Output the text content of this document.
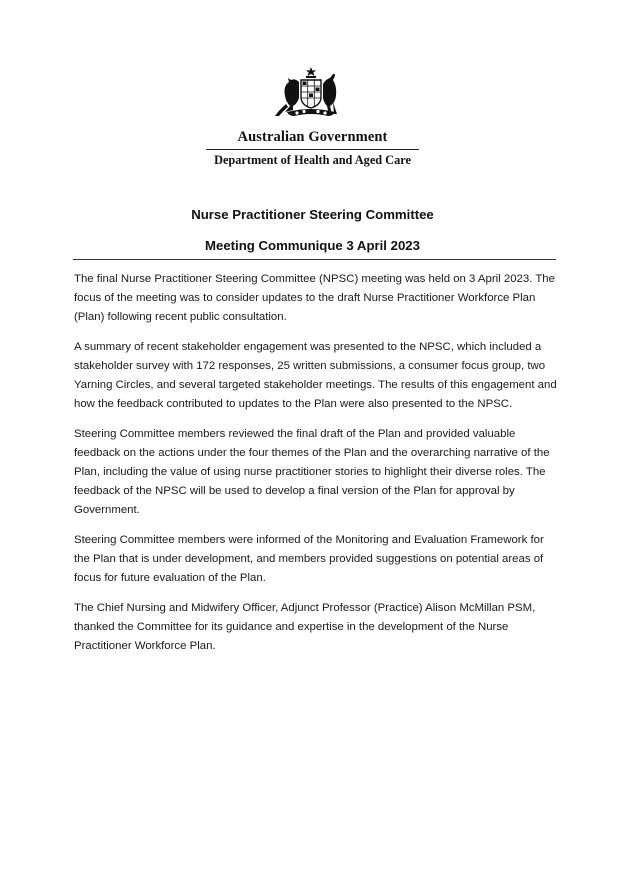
Australian Government
Department of Health and Aged Care
Nurse Practitioner Steering Committee
Meeting Communique 3 April 2023

The final Nurse Practitioner Steering Committee (NPSC) meeting was held on 3 April 2023. The focus of the meeting was to consider updates to the draft Nurse Practitioner Workforce Plan (Plan) following recent public consultation.

A summary of recent stakeholder engagement was presented to the NPSC, which included a stakeholder survey with 172 responses, 25 written submissions, a consumer focus group, two Yarning Circles, and several targeted stakeholder meetings. The results of this engagement and how the feedback contributed to updates to the Plan were also presented to the NPSC.

Steering Committee members reviewed the final draft of the Plan and provided valuable feedback on the actions under the four themes of the Plan and the overarching narrative of the Plan, including the value of using nurse practitioner stories to highlight their diverse roles. The feedback of the NPSC will be used to develop a final version of the Plan for approval by Government.

Steering Committee members were informed of the Monitoring and Evaluation Framework for the Plan that is under development, and members provided suggestions on potential areas of focus for future evaluation of the Plan.

The Chief Nursing and Midwifery Officer, Adjunct Professor (Practice) Alison McMillan PSM, thanked the Committee for its guidance and expertise in the development of the Nurse Practitioner Workforce Plan.
